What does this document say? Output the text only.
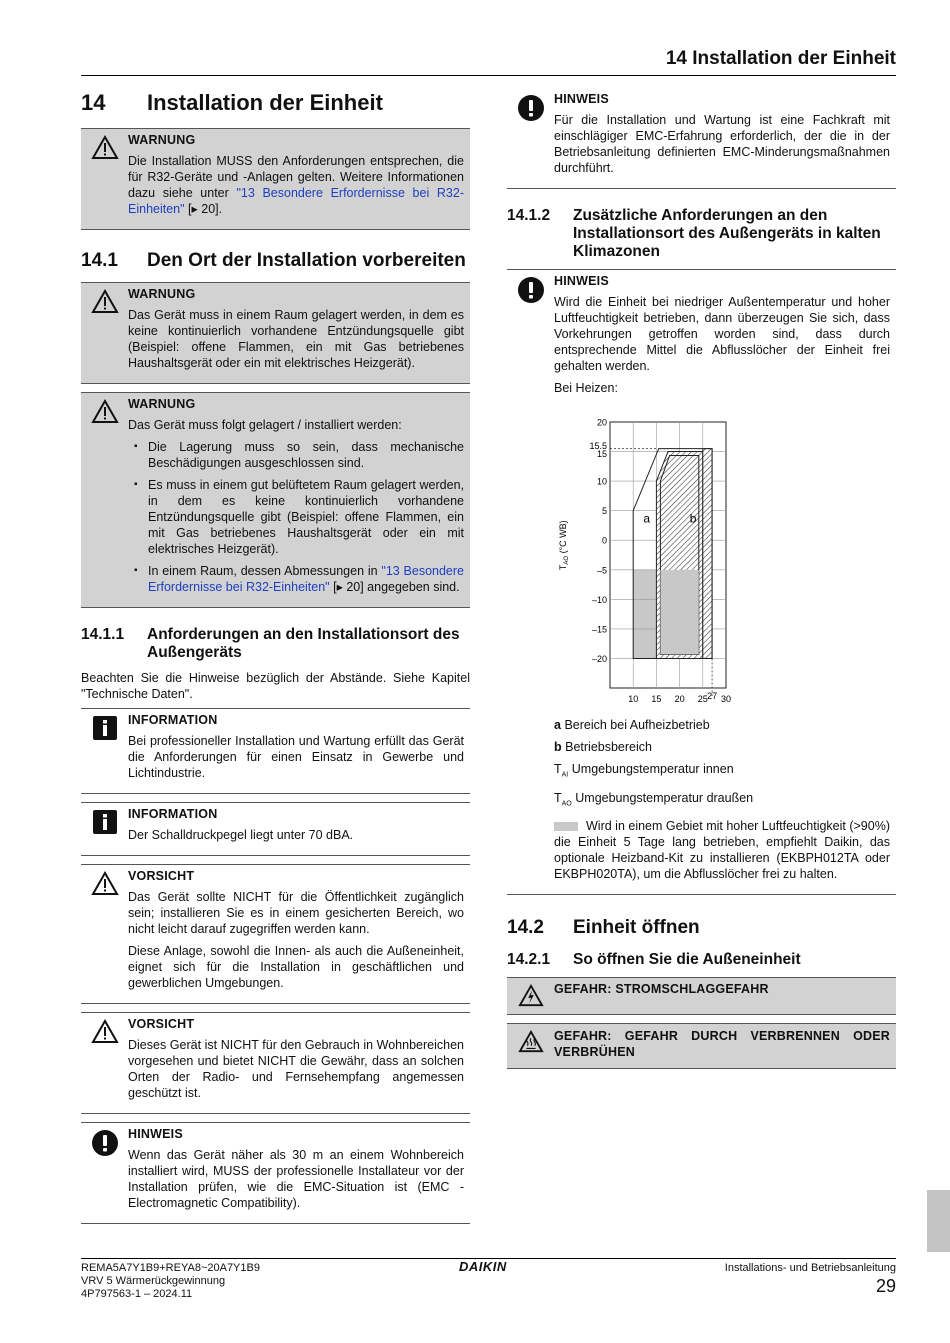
14 Installation der Einheit
14	Installation der Einheit
WARNUNG

Die Installation MUSS den Anforderungen entsprechen, die für R32-Geräte und -Anlagen gelten. Weitere Informationen dazu siehe unter "13 Besondere Erfordernisse bei R32-Einheiten" [▸ 20].

14.1	Den Ort der Installation vorbereiten
WARNUNG

Das Gerät muss in einem Raum gelagert werden, in dem es keine kontinuierlich vorhandene Entzündungsquelle gibt (Beispiel: offene Flammen, ein mit Gas betriebenes Haushaltsgerät oder ein mit elektrisches Heizgerät).

WARNUNG

Das Gerät muss folgt gelagert / installiert werden:

▪ Die Lagerung muss so sein, dass mechanische Beschädigungen ausgeschlossen sind.
▪ Es muss in einem gut belüftetem Raum gelagert werden, in dem es keine kontinuierlich vorhandene Entzündungsquelle gibt (Beispiel: offene Flammen, ein mit Gas betriebenes Haushaltsgerät oder ein mit elektrisches Heizgerät).
▪ In einem Raum, dessen Abmessungen in "13 Besondere Erfordernisse bei R32-Einheiten" [▸ 20] angegeben sind.
14.1.1	Anforderungen an den Installationsort des Außengeräts

Beachten Sie die Hinweise bezüglich der Abstände. Siehe Kapitel "Technische Daten".

INFORMATION

Bei professioneller Installation und Wartung erfüllt das Gerät die Anforderungen für einen Einsatz in Gewerbe und Lichtindustrie.

INFORMATION

Der Schalldruckpegel liegt unter 70 dBA.

VORSICHT

Das Gerät sollte NICHT für die Öffentlichkeit zugänglich sein; installieren Sie es in einem gesicherten Bereich, wo nicht leicht darauf zugegriffen werden kann.

Diese Anlage, sowohl die Innen- als auch die Außeneinheit, eignet sich für die Installation in geschäftlichen und gewerblichen Umgebungen.

VORSICHT

Dieses Gerät ist NICHT für den Gebrauch in Wohnbereichen vorgesehen und bietet NICHT die Gewähr, dass an solchen Orten der Radio- und Fernsehempfang angemessen geschützt ist.

HINWEIS

Wenn das Gerät näher als 30 m an einem Wohnbereich installiert wird, MUSS der professionelle Installateur vor der Installation prüfen, wie die EMC-Situation ist (EMC - Electromagnetic Compatibility).

HINWEIS

Für die Installation und Wartung ist eine Fachkraft mit einschlägiger EMC-Erfahrung erforderlich, der die in der Betriebsanleitung definierten EMC-Minderungsmaßnahmen durchführt.

14.1.2	Zusätzliche Anforderungen an den Installationsort des Außengeräts in kalten Klimazonen
HINWEIS

Wird die Einheit bei niedriger Außentemperatur und hoher Luftfeuchtigkeit betrieben, dann überzeugen Sie sich, dass Vorkehrungen getroffen worden sind, dass durch entsprechende Mittel die Abflusslöcher der Einheit frei gehalten werden.

Bei Heizen:

a	b
20
15.5
15
10
5
0
–5
–10
–15
–20
10 15 20 25 27 30
$T_{AO}$ (°C WB)

a Bereich bei Aufheizbetrieb

b Betriebsbereich

$T_{AI}$ Umgebungstemperatur innen

$T_{AO}$ Umgebungstemperatur draußen

Wird in einem Gebiet mit hoher Luftfeuchtigkeit (>90%) die Einheit 5 Tage lang betrieben, empfiehlt Daikin, das optionale Heizband-Kit zu installieren (EKBPH012TA oder EKBPH020TA), um die Abflusslöcher frei zu halten.

14.2	Einheit öffnen
14.2.1	So öffnen Sie die Außeneinheit
GEFAHR: STROMSCHLAGGEFAHR
GEFAHR: GEFAHR DURCH VERBRENNEN ODER VERBRÜHEN
REMA5A7Y1B9+REYA8~20A7Y1B9
VRV 5 Wärmerückgewinnung
4P797563-1 – 2024.11
DAIKIN	Installations- und Betriebsanleitung
29
